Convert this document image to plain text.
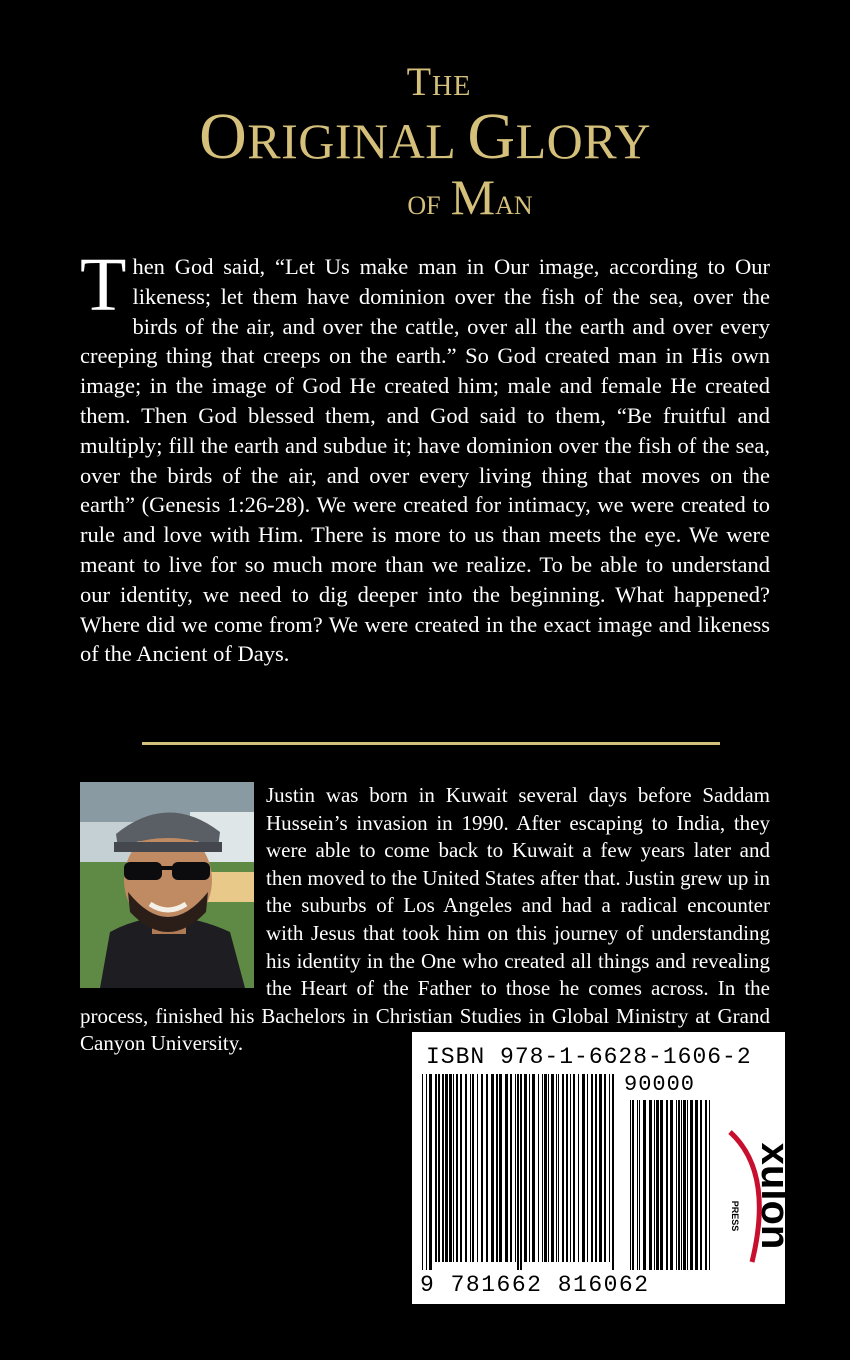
THE
ORIGINAL GLORY
OF MAN

Then God said, “Let Us make man in Our image, according to Our likeness; let them have dominion over the fish of the sea, over the birds of the air, and over the cattle, over all the earth and over every creeping thing that creeps on the earth.” So God created man in His own image; in the image of God He created him; male and female He created them. Then God blessed them, and God said to them, “Be fruitful and multiply; fill the earth and subdue it; have dominion over the fish of the sea, over the birds of the air, and over every living thing that moves on the earth” (Genesis 1:26-28). We were created for intimacy, we were created to rule and love with Him. There is more to us than meets the eye. We were meant to live for so much more than we realize. To be able to understand our identity, we need to dig deeper into the beginning. What happened? Where did we come from? We were created in the exact image and likeness of the Ancient of Days.

Justin was born in Kuwait several days before Saddam Hussein’s invasion in 1990. After escaping to India, they were able to come back to Kuwait a few years later and then moved to the United States after that. Justin grew up in the suburbs of Los Angeles and had a radical encounter with Jesus that took him on this journey of understanding his identity in the One who created all things and revealing the Heart of the Father to those he comes across. In the process, finished his Bachelors in Christian Studies in Global Ministry at Grand Canyon University.

ISBN 978-1-6628-1606-2
90000
9 781662 816062
xulon
PRESS
